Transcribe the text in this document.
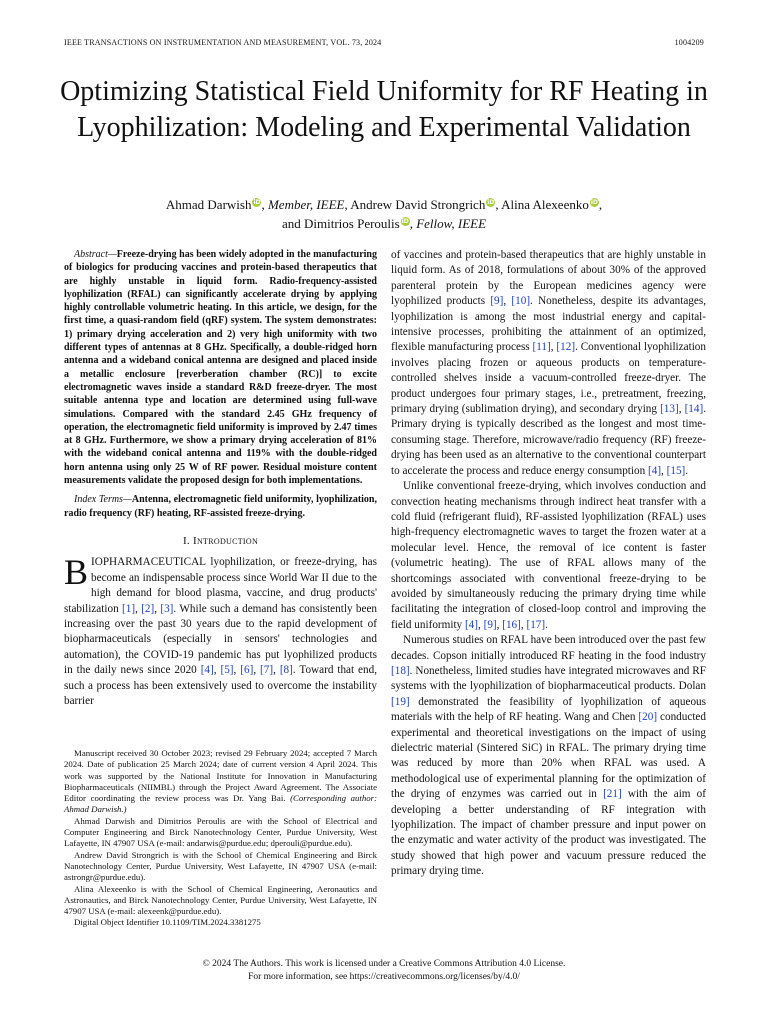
IEEE TRANSACTIONS ON INSTRUMENTATION AND MEASUREMENT, VOL. 73, 2024	1004209
Optimizing Statistical Field Uniformity for RF Heating in Lyophilization: Modeling and Experimental Validation
Ahmad Darwish iD, Member, IEEE, Andrew David Strongrich iD, Alina Alexeenko iD,
and Dimitrios Peroulis iD, Fellow, IEEE

Abstract—Freeze-drying has been widely adopted in the manufacturing of biologics for producing vaccines and protein-based therapeutics that are highly unstable in liquid form. Radio-frequency-assisted lyophilization (RFAL) can significantly accelerate drying by applying highly controllable volumetric heating. In this article, we design, for the first time, a quasi-random field (qRF) system. The system demonstrates: 1) primary drying acceleration and 2) very high uniformity with two different types of antennas at 8 GHz. Specifically, a double-ridged horn antenna and a wideband conical antenna are designed and placed inside a metallic enclosure [reverberation chamber (RC)] to excite electromagnetic waves inside a standard R&D freeze-dryer. The most suitable antenna type and location are determined using full-wave simulations. Compared with the standard 2.45 GHz frequency of operation, the electromagnetic field uniformity is improved by 2.47 times at 8 GHz. Furthermore, we show a primary drying acceleration of 81% with the wideband conical antenna and 119% with the double-ridged horn antenna using only 25 W of RF power. Residual moisture content measurements validate the proposed design for both implementations.

Index Terms—Antenna, electromagnetic field uniformity, lyophilization, radio frequency (RF) heating, RF-assisted freeze-drying.

I. Introduction

BIOPHARMACEUTICAL lyophilization, or freeze-drying, has become an indispensable process since World War II due to the high demand for blood plasma, vaccine, and drug products' stabilization [1], [2], [3]. While such a demand has consistently been increasing over the past 30 years due to the rapid development of biopharmaceuticals (especially in sensors' technologies and automation), the COVID-19 pandemic has put lyophilized products in the daily news since 2020 [4], [5], [6], [7], [8]. Toward that end, such a process has been extensively used to overcome the instability barrier

Manuscript received 30 October 2023; revised 29 February 2024; accepted 7 March 2024. Date of publication 25 March 2024; date of current version 4 April 2024. This work was supported by the National Institute for Innovation in Manufacturing Biopharmaceuticals (NIIMBL) through the Project Award Agreement. The Associate Editor coordinating the review process was Dr. Yang Bai. (Corresponding author: Ahmad Darwish.)

Ahmad Darwish and Dimitrios Peroulis are with the School of Electrical and Computer Engineering and Birck Nanotechnology Center, Purdue University, West Lafayette, IN 47907 USA (e-mail: andarwis@purdue.edu; dperouli@purdue.edu).

Andrew David Strongrich is with the School of Chemical Engineering and Birck Nanotechnology Center, Purdue University, West Lafayette, IN 47907 USA (e-mail: astrongr@purdue.edu).

Alina Alexeenko is with the School of Chemical Engineering, Aeronautics and Astronautics, and Birck Nanotechnology Center, Purdue University, West Lafayette, IN 47907 USA (e-mail: alexeenk@purdue.edu).

Digital Object Identifier 10.1109/TIM.2024.3381275

of vaccines and protein-based therapeutics that are highly unstable in liquid form. As of 2018, formulations of about 30% of the approved parenteral protein by the European medicines agency were lyophilized products [9], [10]. Nonetheless, despite its advantages, lyophilization is among the most industrial energy and capital-intensive processes, prohibiting the attainment of an optimized, flexible manufacturing process [11], [12]. Conventional lyophilization involves placing frozen or aqueous products on temperature-controlled shelves inside a vacuum-controlled freeze-dryer. The product undergoes four primary stages, i.e., pretreatment, freezing, primary drying (sublimation drying), and secondary drying [13], [14]. Primary drying is typically described as the longest and most time-consuming stage. Therefore, microwave/radio frequency (RF) freeze-drying has been used as an alternative to the conventional counterpart to accelerate the process and reduce energy consumption [4], [15].

Unlike conventional freeze-drying, which involves conduction and convection heating mechanisms through indirect heat transfer with a cold fluid (refrigerant fluid), RF-assisted lyophilization (RFAL) uses high-frequency electromagnetic waves to target the frozen water at a molecular level. Hence, the removal of ice content is faster (volumetric heating). The use of RFAL allows many of the shortcomings associated with conventional freeze-drying to be avoided by simultaneously reducing the primary drying time while facilitating the integration of closed-loop control and improving the field uniformity [4], [9], [16], [17].

Numerous studies on RFAL have been introduced over the past few decades. Copson initially introduced RF heating in the food industry [18]. Nonetheless, limited studies have integrated microwaves and RF systems with the lyophilization of biopharmaceutical products. Dolan [19] demonstrated the feasibility of lyophilization of aqueous materials with the help of RF heating. Wang and Chen [20] conducted experimental and theoretical investigations on the impact of using dielectric material (Sintered SiC) in RFAL. The primary drying time was reduced by more than 20% when RFAL was used. A methodological use of experimental planning for the optimization of the drying of enzymes was carried out in [21] with the aim of developing a better understanding of RF integration with lyophilization. The impact of chamber pressure and input power on the enzymatic and water activity of the product was investigated. The study showed that high power and vacuum pressure reduced the primary drying time.

© 2024 The Authors. This work is licensed under a Creative Commons Attribution 4.0 License.
For more information, see https://creativecommons.org/licenses/by/4.0/
